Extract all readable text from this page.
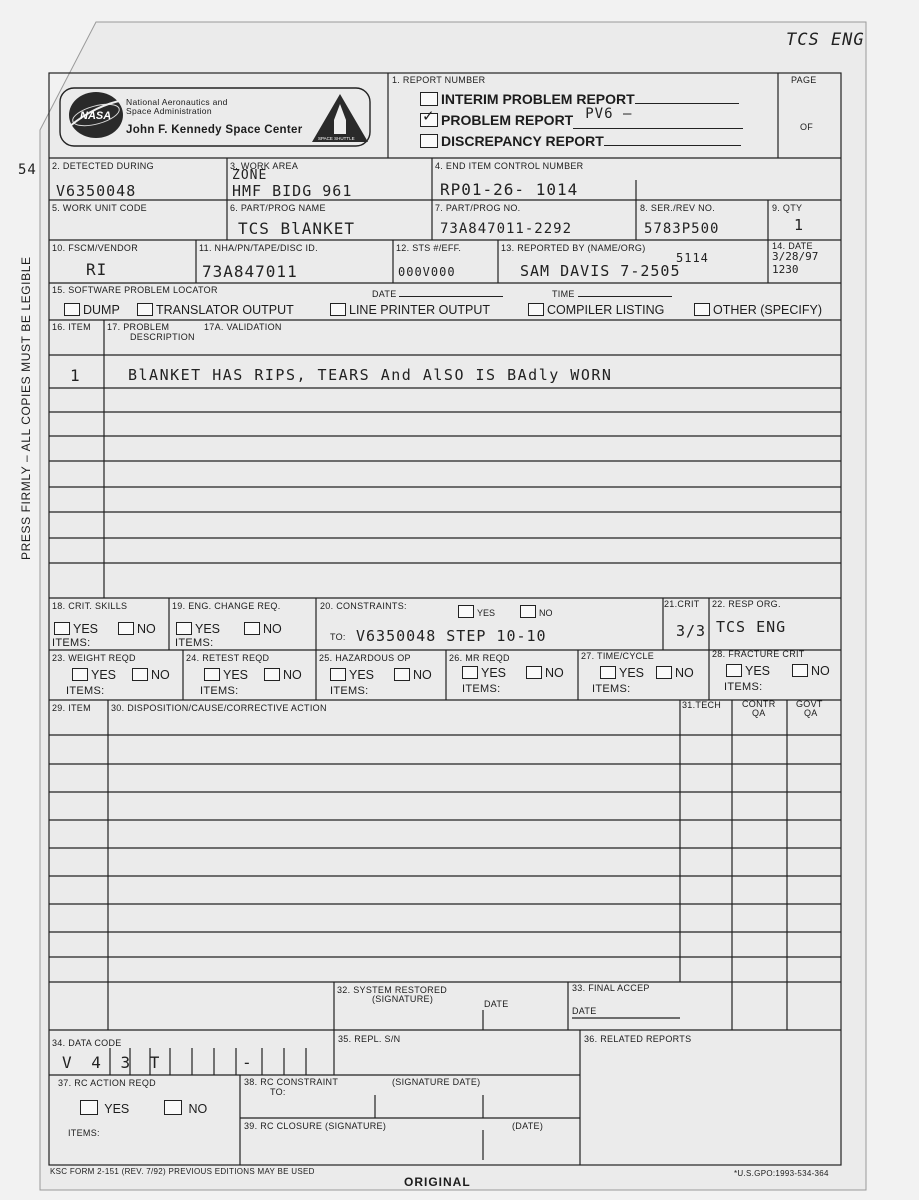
NASA
SPACE SHUTTLE
TCS ENG
54
PRESS FIRMLY – ALL COPIES MUST BE LEGIBLE
National Aeronautics and
Space Administration
John F. Kennedy Space Center
1. REPORT NUMBER
INTERIM PROBLEM REPORT
✓ PROBLEM REPORT PV6 –

DISCREPANCY REPORT
PAGE
OF
2. DETECTED DURING
V6350048
3. WORK AREA
ZONE
HMF BIDG 961
4. END ITEM CONTROL NUMBER
RP01-26- 1014
5. WORK UNIT CODE	6. PART/PROG NAME
TCS BlANKET
7. PART/PROG NO.
73A847011-2292
8. SER./REV NO.
5783P500
9. QTY
1
10. FSCM/VENDOR
RI
11. NHA/PN/TAPE/DISC ID.
73A847011
12. STS #/EFF.
000V000
13. REPORTED BY (NAME/ORG)
5114
SAM DAVIS 7-2505
14. DATE
3/28/97
1230
15. SOFTWARE PROBLEM LOCATOR	DATE	TIME
DUMP	TRANSLATOR OUTPUT	LINE PRINTER OUTPUT	COMPILER LISTING	OTHER (SPECIFY)
16. ITEM 17. PROBLEM
DESCRIPTION
17A. VALIDATION
1	BlANKET HAS RIPS, TEARS And AlSO IS BAdly WORN
18. CRIT. SKILLS
YES	NO
ITEMS:
19. ENG. CHANGE REQ.
YES	NO
ITEMS:
20. CONSTRAINTS:
YES	NO
TO: V6350048 STEP 10-10
21.CRIT
3/3
22. RESP ORG.
TCS ENG
23. WEIGHT REQD
YES	NO
ITEMS:
24. RETEST REQD
YES	NO
ITEMS:
25. HAZARDOUS OP
YES	NO
ITEMS:
26. MR REQD
YES	NO
ITEMS:
27. TIME/CYCLE
YES	NO
ITEMS:
28. FRACTURE CRIT
YES	NO
ITEMS:
29. ITEM 30. DISPOSITION/CAUSE/CORRECTIVE ACTION	31.TECH CONTR
QA
GOVT
QA
32. SYSTEM RESTORED
(SIGNATURE)	DATE
33. FINAL ACCEP
DATE
34. DATA CODE
V 4 3 T	-
35. REPL. S/N	36. RELATED REPORTS
37. RC ACTION REQD
YES	NO
ITEMS:
38. RC CONSTRAINT	(SIGNATURE DATE)
TO:
39. RC CLOSURE (SIGNATURE)	(DATE)
KSC FORM 2-151 (REV. 7/92) PREVIOUS EDITIONS MAY BE USED
ORIGINAL
*U.S.GPO:1993-534-364
